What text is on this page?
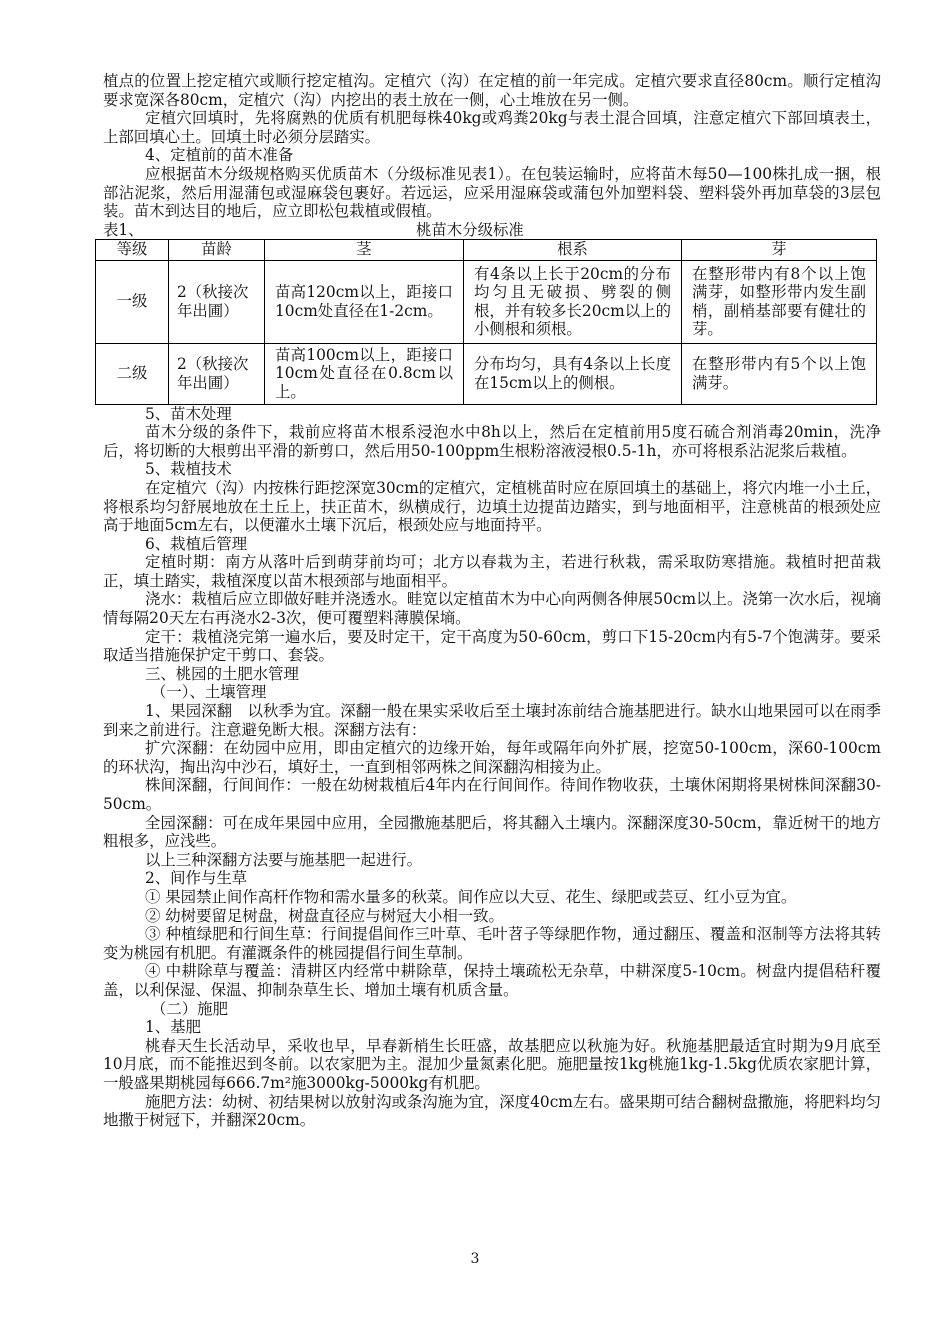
植点的位置上挖定植穴或顺行挖定植沟。定植穴（沟）在定植的前一年完成。定植穴要求直径80cm。顺行定植沟要求宽深各80cm，定植穴（沟）内挖出的表土放在一侧，心土堆放在另一侧。

定植穴回填时，先将腐熟的优质有机肥每株40kg或鸡粪20kg与表土混合回填，注意定植穴下部回填表土，上部回填心土。回填土时必须分层踏实。

4、定植前的苗木准备

应根据苗木分级规格购买优质苗木（分级标准见表1）。在包装运输时，应将苗木每50—100株扎成一捆，根部沾泥浆，然后用湿蒲包或湿麻袋包裹好。若远运，应采用湿麻袋或蒲包外加塑料袋、塑料袋外再加草袋的3层包装。苗木到达目的地后，应立即松包栽植或假植。

表1、	桃苗木分级标准
等级	苗龄	茎	根系	芽
一级	2（秋接次年出圃）	苗高120cm以上，距接口10cm处直径在1-2cm。	有4条以上长于20cm的分布均匀且无破损、劈裂的侧根，并有较多长20cm以上的小侧根和须根。	在整形带内有8个以上饱满芽，如整形带内发生副梢，副梢基部要有健壮的芽。
二级	2（秋接次年出圃）	苗高100cm以上，距接口10cm处直径在0.8cm以上。	分布均匀，具有4条以上长度在15cm以上的侧根。	在整形带内有5个以上饱满芽。

5、苗木处理

苗木分级的条件下，栽前应将苗木根系浸泡水中8h以上，然后在定植前用5度石硫合剂消毒20min，洗净后，将切断的大根剪出平滑的新剪口，然后用50-100ppm生根粉溶液浸根0.5-1h，亦可将根系沾泥浆后栽植。

5、栽植技术

在定植穴（沟）内按株行距挖深宽30cm的定植穴，定植桃苗时应在原回填土的基础上，将穴内堆一小土丘，将根系均匀舒展地放在土丘上，扶正苗木，纵横成行，边填土边提苗边踏实，到与地面相平，注意桃苗的根颈处应高于地面5cm左右，以便灌水土壤下沉后，根颈处应与地面持平。

6、栽植后管理

定植时期：南方从落叶后到萌芽前均可；北方以春栽为主，若进行秋栽，需采取防寒措施。栽植时把苗栽正，填土踏实，栽植深度以苗木根颈部与地面相平。

浇水：栽植后应立即做好畦并浇透水。畦宽以定植苗木为中心向两侧各伸展50cm以上。浇第一次水后，视墒情每隔20天左右再浇水2-3次，便可覆塑料薄膜保墒。

定干：栽植浇完第一遍水后，要及时定干，定干高度为50-60cm，剪口下15-20cm内有5-7个饱满芽。要采取适当措施保护定干剪口、套袋。

三、桃园的土肥水管理

（一）、土壤管理

1、果园深翻　以秋季为宜。深翻一般在果实采收后至土壤封冻前结合施基肥进行。缺水山地果园可以在雨季到来之前进行。注意避免断大根。深翻方法有：

扩穴深翻：在幼园中应用，即由定植穴的边缘开始，每年或隔年向外扩展，挖宽50-100cm，深60-100cm的环状沟，掏出沟中沙石，填好土，一直到相邻两株之间深翻沟相接为止。

株间深翻，行间间作：一般在幼树栽植后4年内在行间间作。待间作物收获，土壤休闲期将果树株间深翻30-50cm。

全园深翻：可在成年果园中应用，全园撒施基肥后，将其翻入土壤内。深翻深度30-50cm，靠近树干的地方粗根多，应浅些。

以上三种深翻方法要与施基肥一起进行。

2、间作与生草

① 果园禁止间作高杆作物和需水量多的秋菜。间作应以大豆、花生、绿肥或芸豆、红小豆为宜。

② 幼树要留足树盘，树盘直径应与树冠大小相一致。

③ 种植绿肥和行间生草：行间提倡间作三叶草、毛叶苕子等绿肥作物，通过翻压、覆盖和沤制等方法将其转变为桃园有机肥。有灌溉条件的桃园提倡行间生草制。

④ 中耕除草与覆盖：清耕区内经常中耕除草，保持土壤疏松无杂草，中耕深度5-10cm。树盘内提倡秸秆覆盖，以利保湿、保温、抑制杂草生长、增加土壤有机质含量。

（二）施肥

1、基肥

桃春天生长活动早，采收也早，早春新梢生长旺盛，故基肥应以秋施为好。秋施基肥最适宜时期为9月底至10月底，而不能推迟到冬前。以农家肥为主。混加少量氮素化肥。施肥量按1kg桃施1kg-1.5kg优质农家肥计算，一般盛果期桃园每666.7m²施3000kg-5000kg有机肥。

施肥方法：幼树、初结果树以放射沟或条沟施为宜，深度40cm左右。盛果期可结合翻树盘撒施，将肥料均匀地撒于树冠下，并翻深20cm。

3
